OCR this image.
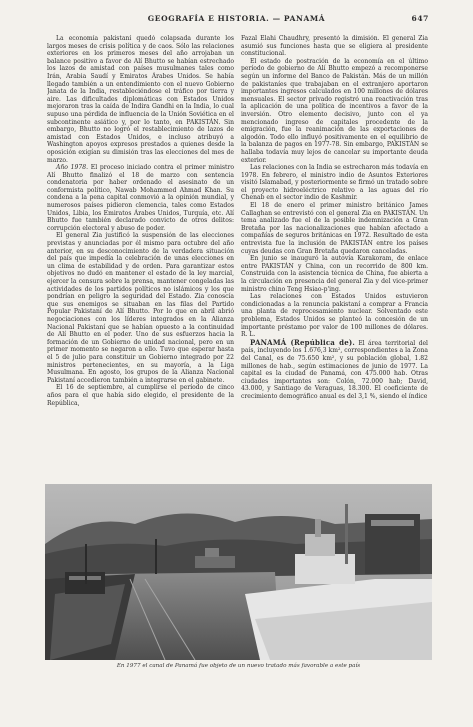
GEOGRAFÍA E HISTORIA. — PANAMÁ	647

La economía pakistaní quedó colapsada durante los largos meses de crisis política y de caos. Sólo las relaciones exteriores en los primeros meses del año arrojaban un balance positivo a favor de Alí Bhutto se habían estrechado los lazos de amistad con países musulmanes tales como Irán, Arabia Saudí y Emiratos Árabes Unidos. Se había llegado también a un entendimiento con el nuevo Gobierno Janata de la India, restableciéndose el tráfico por tierra y aire. Las dificultades diplomáticas con Estados Unidos mejoraron tras la caída de Indira Gandhi en la India, lo cual supuso una pérdida de influencia de la Unión Soviética en el subcontinente asiático y, por lo tanto, en PAKISTÁN. Sin embargo, Bhutto no logró el restablecimiento de lazos de amistad con Estados Unidos, e incluso atribuyó a Washington apoyos expresos prestados a quienes desde la oposición exigían su dimisión tras las elecciones del mes de marzo.

Año 1978. El proceso iniciado contra el primer ministro Alí Bhutto finalizó el 18 de marzo con sentencia condenatoria por haber ordenado el asesinato de un conformista político, Nawab Mohammed Ahmad Khan. Su condena a la pena capital conmovió a la opinión mundial, y numerosos países pidieron clemencia, tales como Estados Unidos, Libia, los Emiratos Árabes Unidos, Turquía, etc. Alí Bhutto fue también declarado convicto de otros delitos: corrupción electoral y abuso de poder.

El general Zia justificó la suspensión de las elecciones previstas y anunciadas por él mismo para octubre del año anterior, en su desconocimiento de la verdadera situación del país que impedía la celebración de unas elecciones en un clima de estabilidad y de orden. Para garantizar estos objetivos no dudó en mantener el estado de la ley marcial, ejercer la censura sobre la prensa, mantener congeladas las actividades de los partidos políticos no islámicos y los que pondrían en peligro la seguridad del Estado. Zia conoscía que sus enemigos se situaban en las filas del Partido Popular Pakistaní de Alí Bhutto. Por lo que en abril abrió negociaciones con los líderes integrados en la Alianza Nacional Pakistaní que se habían opuesto a la continuidad de Alí Bhutto en el poder. Uno de sus esfuerzos hacia la formación de un Gobierno de unidad nacional, pero en un primer momento se negaron a ello. Tuvo que esperar hasta el 5 de julio para constituir un Gobierno integrado por 22 ministros pertenecientes, en su mayoría, a la Liga Musulmana. En agosto, los grupos de la Alianza Nacional Pakistaní accedieron también a integrarse en el gabinete.

El 16 de septiembre, al cumplirse el período de cinco años para el que había sido elegido, el presidente de la República,

Fazal Elahi Chaudhry, presentó la dimisión. El general Zia asumió sus funciones hasta que se eligiera al presidente constitucional.

El estado de postración de la economía en el último período de gobierno de Alí Bhutto empezó a recomponerse según un informe del Banco de Pakistán. Más de un millón de pakistaníes que trabajaban en el extranjero aportaron importantes ingresos calculados en 100 millones de dólares mensuales. El sector privado registró una reactivación tras la aplicación de una política de incentivos a favor de la inversión. Otro elemento decisivo, junto con el ya mencionado ingreso de capitales procedente de la emigración, fue la reanimación de las exportaciones de algodón. Todo ello influyó positivamente en el equilibrio de la balanza de pagos en 1977-78. Sin embargo, PAKISTÁN se hallaba todavía muy lejos de cancelar su importante deuda exterior.

Las relaciones con la India se estrecharon más todavía en 1978. En febrero, el ministro indio de Asuntos Exteriores visitó Islamabad, y posteriormente se firmó un tratado sobre el proyecto hidroeléctrico relativo a las aguas del río Chenab en el sector indio de Kashmir.

El 18 de enero el primer ministro británico James Callaghan se entrevistó con el general Zia en PAKISTÁN. Un tema analizado fue el de la posible indemnización a Gran Bretaña por las nacionalizaciones que habían afectado a compañías de seguros británicas en 1972. Resultado de esta entrevista fue la inclusión de PAKISTÁN entre los países cuyas deudas con Gran Bretaña quedaron canceladas.

En junio se inauguró la autovía Karakoram, de enlace entre PAKISTÁN y China, con un recorrido de 800 km. Construida con la asistencia técnica de China, fue abierta a la circulación en presencia del general Zia y del vice-primer ministro chino Teng Hsiao-p'ing.

Las relaciones con Estados Unidos estuvieron condicionadas a la renuncia pakistaní a comprar a Francia una planta de reprocesamiento nuclear. Solventado este problema, Estados Unidos se planteó la concesión de un importante préstamo por valor de 100 millones de dólares. R. L.

PANAMÁ (República de). El área territorial del país, incluyendo los 1.676,3 km², correspondientes a la Zona del Canal, es de 75.650 km², y su población global, 1.82 millones de hab., según estimaciones de junio de 1977. La capital es la ciudad de Panamá, con 475.000 hab. Otras ciudades importantes son: Colón, 72.000 hab; David, 43.000, y Santiago de Veraguas, 18.300. El coeficiente de crecimiento demográfico anual es del 3,1 %, siendo el índice

En 1977 el canal de Panamá fue objeto de un nuevo tratado más favorable a este país
